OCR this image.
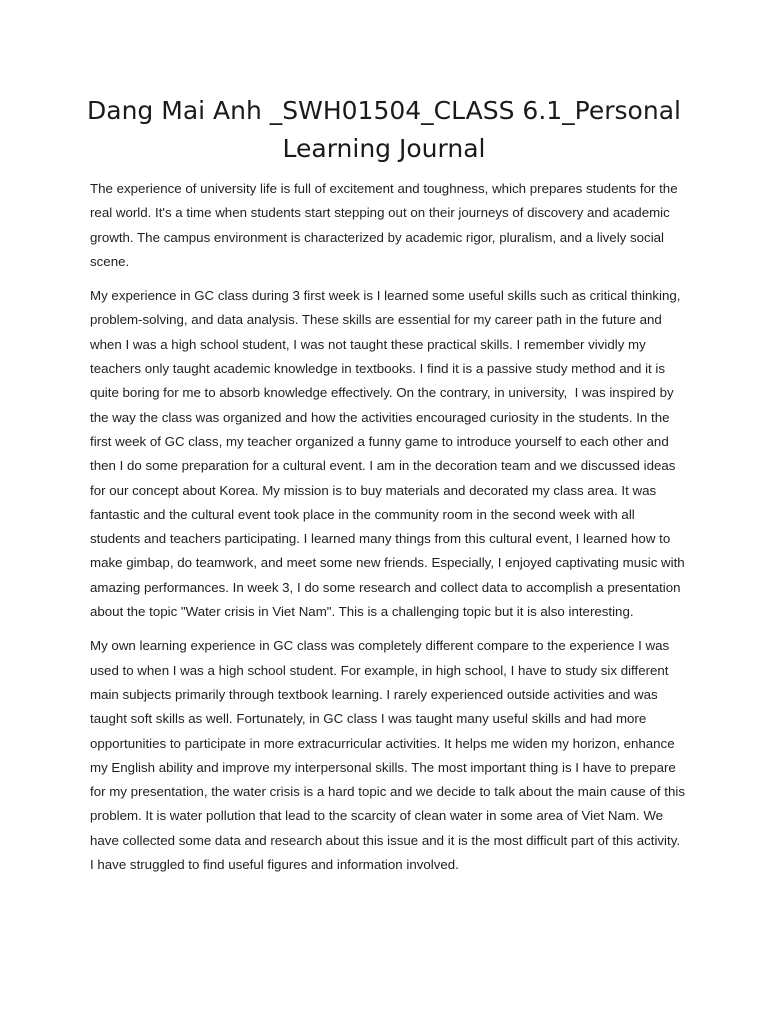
Dang Mai Anh _SWH01504_CLASS 6.1_Personal Learning Journal

The experience of university life is full of excitement and toughness, which prepares students for the real world. It's a time when students start stepping out on their journeys of discovery and academic growth. The campus environment is characterized by academic rigor, pluralism, and a lively social scene.

My experience in GC class during 3 first week is I learned some useful skills such as critical thinking, problem-solving, and data analysis. These skills are essential for my career path in the future and when I was a high school student, I was not taught these practical skills. I remember vividly my teachers only taught academic knowledge in textbooks. I find it is a passive study method and it is quite boring for me to absorb knowledge effectively. On the contrary, in university,  I was inspired by the way the class was organized and how the activities encouraged curiosity in the students. In the first week of GC class, my teacher organized a funny game to introduce yourself to each other and then I do some preparation for a cultural event. I am in the decoration team and we discussed ideas for our concept about Korea. My mission is to buy materials and decorated my class area. It was fantastic and the cultural event took place in the community room in the second week with all students and teachers participating. I learned many things from this cultural event, I learned how to make gimbap, do teamwork, and meet some new friends. Especially, I enjoyed captivating music with amazing performances. In week 3, I do some research and collect data to accomplish a presentation about the topic "Water crisis in Viet Nam". This is a challenging topic but it is also interesting.

My own learning experience in GC class was completely different compare to the experience I was used to when I was a high school student. For example, in high school, I have to study six different main subjects primarily through textbook learning. I rarely experienced outside activities and was taught soft skills as well. Fortunately, in GC class I was taught many useful skills and had more opportunities to participate in more extracurricular activities. It helps me widen my horizon, enhance my English ability and improve my interpersonal skills. The most important thing is I have to prepare for my presentation, the water crisis is a hard topic and we decide to talk about the main cause of this problem. It is water pollution that lead to the scarcity of clean water in some area of Viet Nam. We have collected some data and research about this issue and it is the most difficult part of this activity. I have struggled to find useful figures and information involved.
